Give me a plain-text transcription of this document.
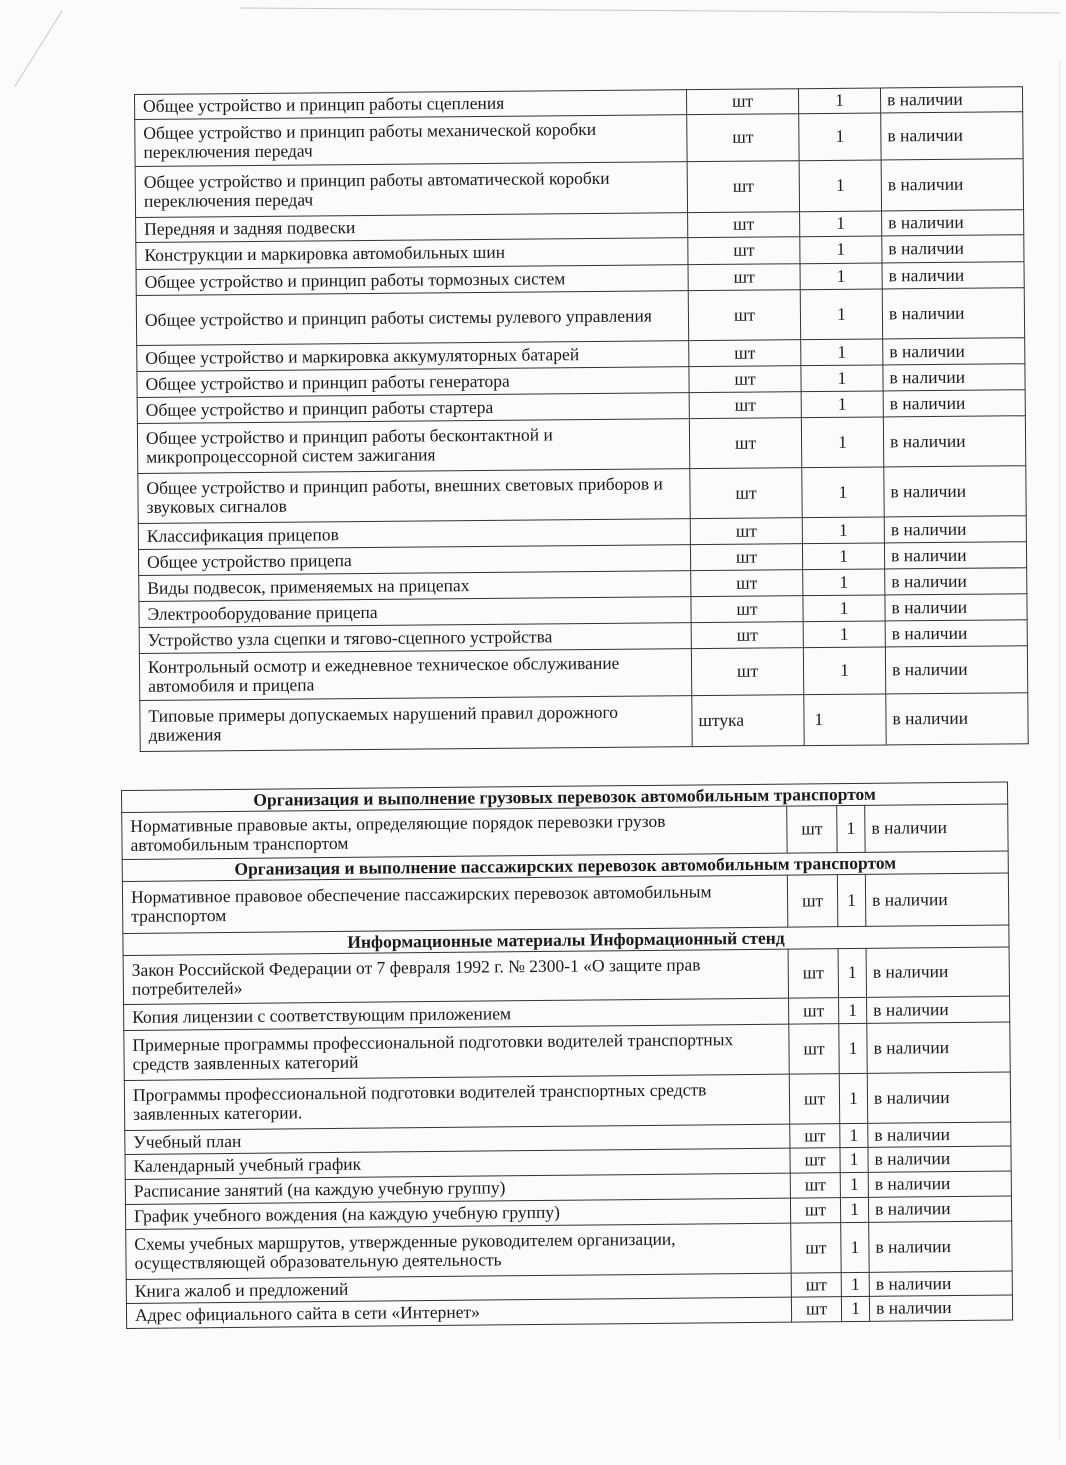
Общее устройство и принцип работы сцепления	шт	1	в наличии
Общее устройство и принцип работы механической коробки переключения передач	шт	1	в наличии
Общее устройство и принцип работы автоматической коробки переключения передач	шт	1	в наличии
Передняя и задняя подвески	шт	1	в наличии
Конструкции и маркировка автомобильных шин	шт	1	в наличии
Общее устройство и принцип работы тормозных систем	шт	1	в наличии
Общее устройство и принцип работы системы рулевого управления	шт	1	в наличии
Общее устройство и маркировка аккумуляторных батарей	шт	1	в наличии
Общее устройство и принцип работы генератора	шт	1	в наличии
Общее устройство и принцип работы стартера	шт	1	в наличии
Общее устройство и принцип работы бесконтактной и микропроцессорной систем зажигания	шт	1	в наличии
Общее устройство и принцип работы, внешних световых приборов и звуковых сигналов	шт	1	в наличии
Классификация прицепов	шт	1	в наличии
Общее устройство прицепа	шт	1	в наличии
Виды подвесок, применяемых на прицепах	шт	1	в наличии
Электрооборудование прицепа	шт	1	в наличии
Устройство узла сцепки и тягово-сцепного устройства	шт	1	в наличии
Контрольный осмотр и ежедневное техническое обслуживание автомобиля и прицепа	шт	1	в наличии
Типовые примеры допускаемых нарушений правил дорожного движения	штука	1	в наличии
Организация и выполнение грузовых перевозок автомобильным транспортом			
Нормативные правовые акты, определяющие порядок перевозки грузов автомобильным транспортом	шт	1	в наличии
Организация и выполнение пассажирских перевозок автомобильным транспортом			
Нормативное правовое обеспечение пассажирских перевозок автомобильным транспортом	шт	1	в наличии
Информационные материалы Информационный стенд			
Закон Российской Федерации от 7 февраля 1992 г. № 2300-1 «О защите прав потребителей»	шт	1	в наличии
Копия лицензии с соответствующим приложением	шт	1	в наличии
Примерные программы профессиональной подготовки водителей транспортных средств заявленных категорий	шт	1	в наличии
Программы профессиональной подготовки водителей транспортных средств заявленных категории.	шт	1	в наличии
Учебный план	шт	1	в наличии
Календарный учебный график	шт	1	в наличии
Расписание занятий (на каждую учебную группу)	шт	1	в наличии
График учебного вождения (на каждую учебную группу)	шт	1	в наличии
Схемы учебных маршрутов, утвержденные руководителем организации, осуществляющей образовательную деятельность	шт	1	в наличии
Книга жалоб и предложений	шт	1	в наличии
Адрес официального сайта в сети «Интернет»	шт	1	в наличии
